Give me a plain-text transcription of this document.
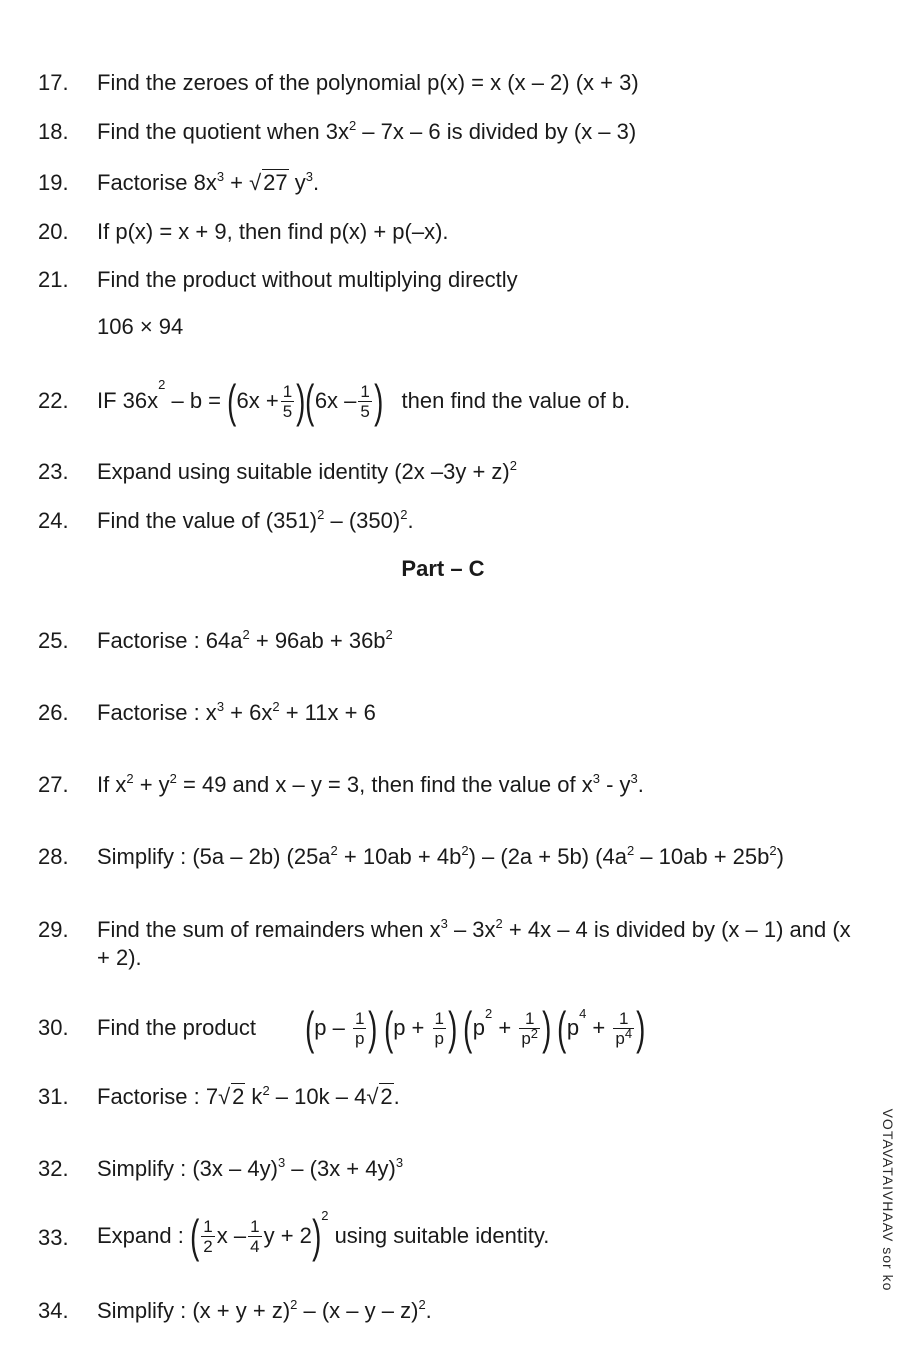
17. Find the zeroes of the polynomial p(x) = x (x – 2) (x + 3)
18. Find the quotient when $3x^2 - 7x - 6$ is divided by (x – 3)
19. Factorise $8x^3$ + √ 27 $y^3$.
20. If p(x) = x + 9, then find p(x) + p(–x).
21. Find the product without multiplying directly
106 × 94
22. IF $36x^2 - b = (6x + \frac{1}{5} )(6x - \frac{1}{5}$ ) then find the value of b.
23. Expand using suitable identity (2x –3y + z)$^2$
24. Find the value of $(351)^2 - (350)^2$.
Part – C
25. Factorise : $64a^2 + 96ab + 36b^2$
26. Factorise : $x^3 + 6x^2 + 11x + 6$
27. If $x^2 + y^2 = 49$ and x – y = 3, then find the value of $x^3 - y^3$.
28. Simplify : (5a – 2b) $(25a^2 + 10ab + 4b^2) - (2a + 5b)$ $(4a^2 - 10ab + 25b^2)$
29. Find the sum of remainders when $x^3 - 3x^2 + 4x - 4$ is divided by (x – 1) and (x + 2).
30. Find the product ($p - \frac{1}{p}$ ) ($p + \frac{1}{p}$ ) ($p^2 + \frac{1}{p^2}$ ) ($p^4 + \frac{1}{p^4}$ )
31. Factorise : 7 √ 2 $k^2 - 10k - 4$ √ 2.
32. Simplify : $(3x - 4y)^3 - (3x + 4y)^3$
33. Expand : ( $\frac{1}{2}$ x – $\frac{1}{4}$ y + 2)$^2$ using suitable identity.
34. Simplify : $(x + y + z)^2 - (x - y - z)^2$.
VOTAVATAIVHAAV sor ko
